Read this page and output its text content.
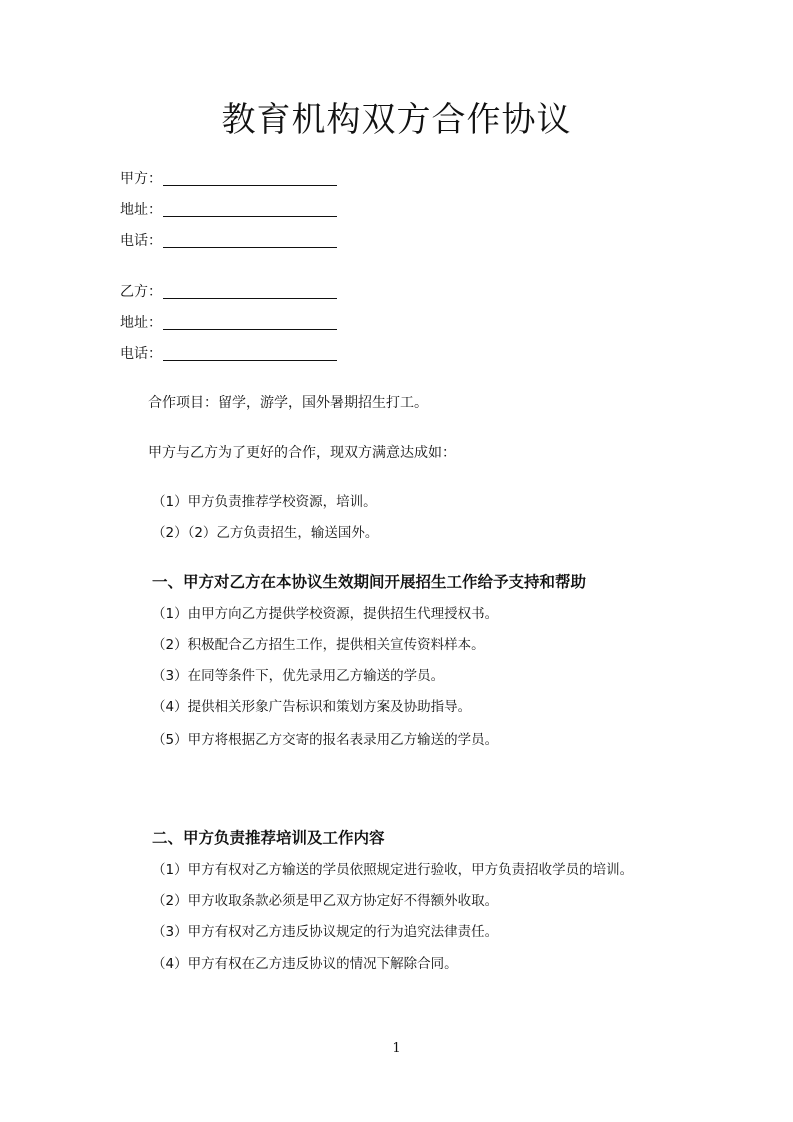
教育机构双方合作协议
甲方：
地址：
电话：
乙方：
地址：
电话：
合作项目：留学，游学，国外暑期招生打工。
甲方与乙方为了更好的合作，现双方满意达成如：
（1）甲方负责推荐学校资源，培训。
（2）（2）乙方负责招生，输送国外。
一、甲方对乙方在本协议生效期间开展招生工作给予支持和帮助
（1）由甲方向乙方提供学校资源，提供招生代理授权书。
（2）积极配合乙方招生工作，提供相关宣传资料样本。
（3）在同等条件下，优先录用乙方输送的学员。
（4）提供相关形象广告标识和策划方案及协助指导。
（5）甲方将根据乙方交寄的报名表录用乙方输送的学员。
二、甲方负责推荐培训及工作内容
（1）甲方有权对乙方输送的学员依照规定进行验收，甲方负责招收学员的培训。
（2）甲方收取条款必须是甲乙双方协定好不得额外收取。
（3）甲方有权对乙方违反协议规定的行为追究法律责任。
（4）甲方有权在乙方违反协议的情况下解除合同。
1
